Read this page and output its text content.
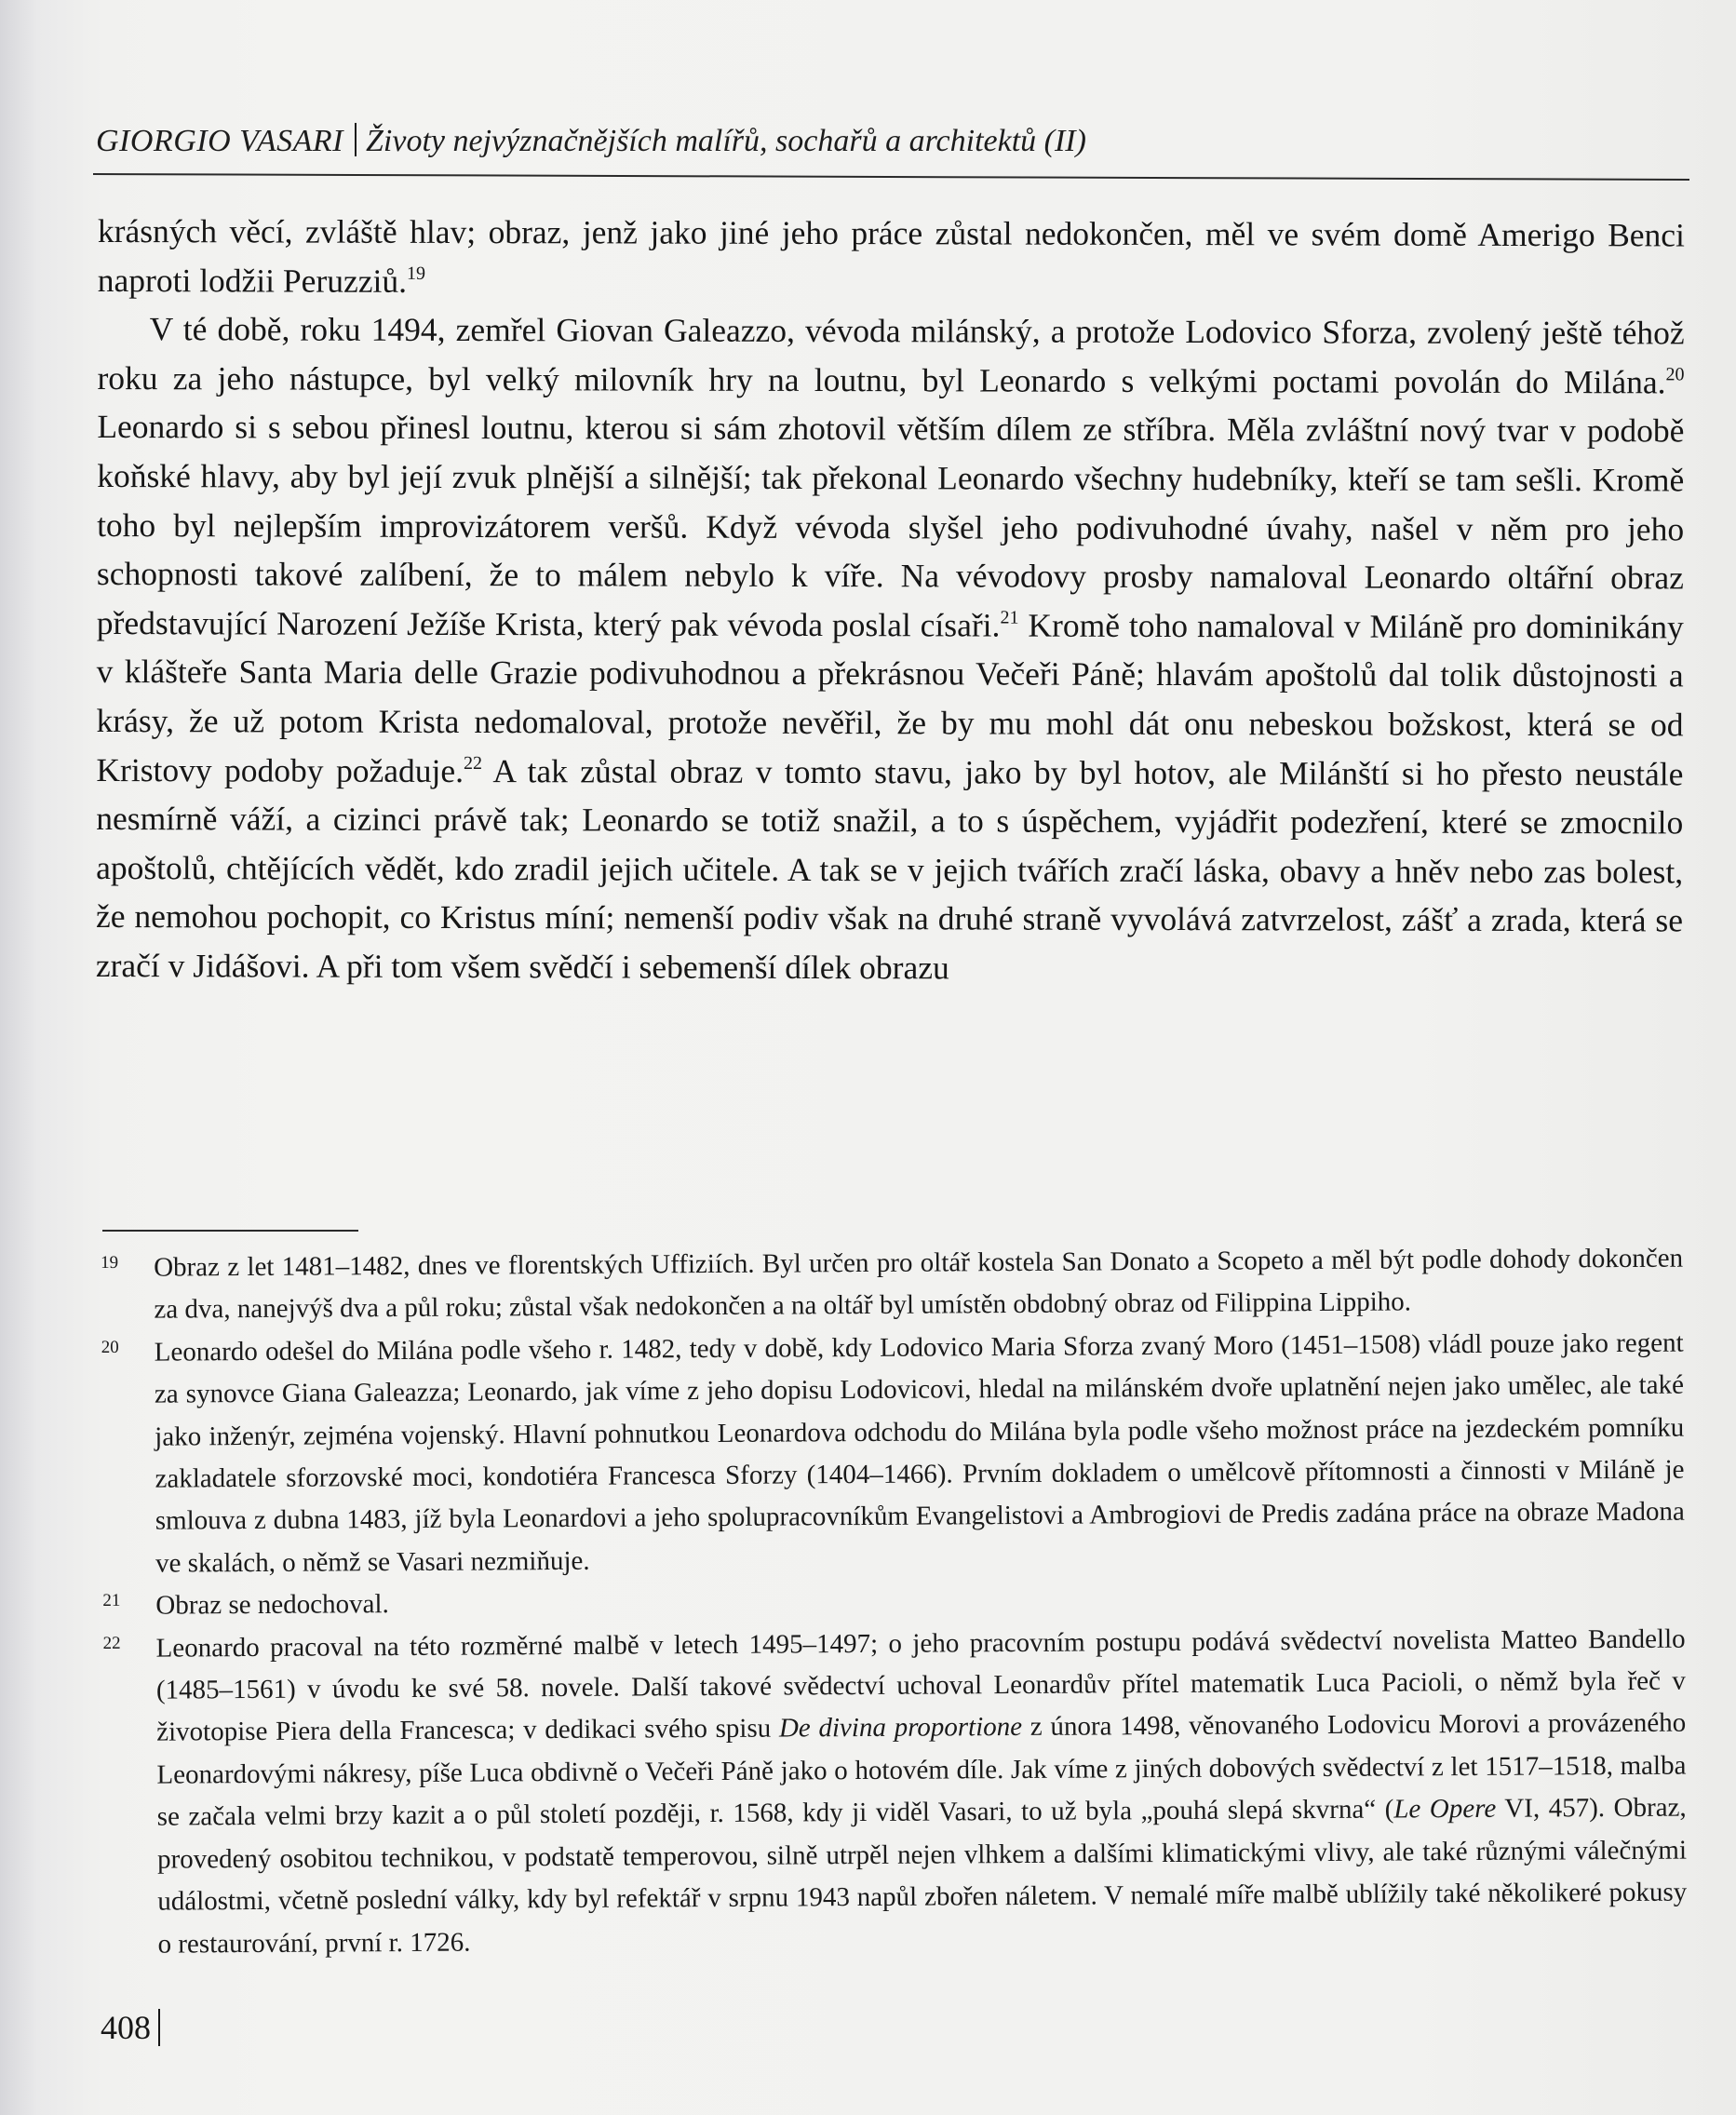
GIORGIO VASARI Životy nejvýznačnějších malířů, sochařů a architektů (II)

krásných věcí, zvláště hlav; obraz, jenž jako jiné jeho práce zůstal nedokončen, měl ve svém domě Amerigo Benci naproti lodžii Peruzziů.$^{19}$

V té době, roku 1494, zemřel Giovan Galeazzo, vévoda milánský, a protože Lodovico Sforza, zvolený ještě téhož roku za jeho nástupce, byl velký milovník hry na loutnu, byl Leonardo s velkými poctami povolán do Milána.$^{20}$ Leonardo si s sebou přinesl loutnu, kterou si sám zhotovil větším dílem ze stříbra. Měla zvláštní nový tvar v podobě koňské hlavy, aby byl její zvuk plnější a silnější; tak překonal Leonardo všechny hudebníky, kteří se tam sešli. Kromě toho byl nejlepším improvizátorem veršů. Když vévoda slyšel jeho podivuhodné úvahy, našel v něm pro jeho schopnosti takové zalíbení, že to málem nebylo k víře. Na vévodovy prosby namaloval Leonardo oltářní obraz představující Narození Ježíše Krista, který pak vévoda poslal císaři.$^{21}$ Kromě toho namaloval v Miláně pro dominikány v klášteře Santa Maria delle Grazie podivuhodnou a překrásnou Večeři Páně; hlavám apoštolů dal tolik důstojnosti a krásy, že už potom Krista nedomaloval, protože nevěřil, že by mu mohl dát onu nebeskou božskost, která se od Kristovy podoby požaduje.$^{22}$ A tak zůstal obraz v tomto stavu, jako by byl hotov, ale Milánští si ho přesto neustále nesmírně váží, a cizinci právě tak; Leonardo se totiž snažil, a to s úspěchem, vyjádřit podezření, které se zmocnilo apoštolů, chtějících vědět, kdo zradil jejich učitele. A tak se v jejich tvářích zračí láska, obavy a hněv nebo zas bolest, že nemohou pochopit, co Kristus míní; nemenší podiv však na druhé straně vyvolává zatvrzelost, zášť a zrada, která se zračí v Jidášovi. A při tom všem svědčí i sebemenší dílek obrazu

19	Obraz z let 1481–1482, dnes ve florentských Uffiziích. Byl určen pro oltář kostela San Donato a Scopeto a měl být podle dohody dokončen za dva, nanejvýš dva a půl roku; zůstal však nedokončen a na oltář byl umístěn obdobný obraz od Filippina Lippiho.
20	Leonardo odešel do Milána podle všeho r. 1482, tedy v době, kdy Lodovico Maria Sforza zvaný Moro (1451–1508) vládl pouze jako regent za synovce Giana Galeazza; Leonardo, jak víme z jeho dopisu Lodovicovi, hledal na milánském dvoře uplatnění nejen jako umělec, ale také jako inženýr, zejména vojenský. Hlavní pohnutkou Leonardova odchodu do Milána byla podle všeho možnost práce na jezdeckém pomníku zakladatele sforzovské moci, kondotiéra Francesca Sforzy (1404–1466). Prvním dokladem o umělcově přítomnosti a činnosti v Miláně je smlouva z dubna 1483, jíž byla Leonardovi a jeho spolupracovníkům Evangelistovi a Ambrogiovi de Predis zadána práce na obraze Madona ve skalách, o němž se Vasari nezmiňuje.
21	Obraz se nedochoval.
22	Leonardo pracoval na této rozměrné malbě v letech 1495–1497; o jeho pracovním postupu podává svědectví novelista Matteo Bandello (1485–1561) v úvodu ke své 58. novele. Další takové svědectví uchoval Leonardův přítel matematik Luca Pacioli, o němž byla řeč v životopise Piera della Francesca; v dedikaci svého spisu De divina proportione z února 1498, věnovaného Lodovicu Morovi a provázeného Leonardovými nákresy, píše Luca obdivně o Večeři Páně jako o hotovém díle. Jak víme z jiných dobových svědectví z let 1517–1518, malba se začala velmi brzy kazit a o půl století později, r. 1568, kdy ji viděl Vasari, to už byla „pouhá slepá skvrna“ (Le Opere VI, 457). Obraz, provedený osobitou technikou, v podstatě temperovou, silně utrpěl nejen vlhkem a dalšími klimatickými vlivy, ale také různými válečnými událostmi, včetně poslední války, kdy byl refektář v srpnu 1943 napůl zbořen náletem. V nemalé míře malbě ublížily také několikeré pokusy o restaurování, první r. 1726.
408
